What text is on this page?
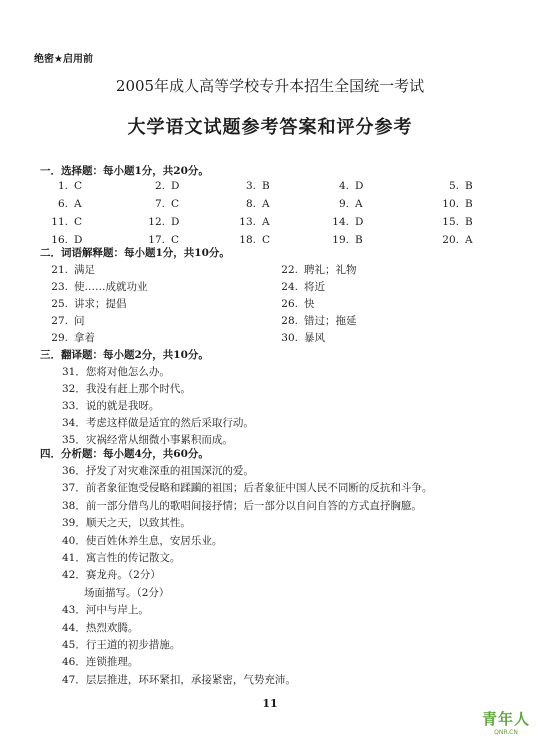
绝密★启用前
2005年成人高等学校专升本招生全国统一考试
大学语文试题参考答案和评分参考
一．选择题：每小题1分，共20分。
1. C	2. D	3. B	4. D	5. B
6. A	7. C	8. A	9. A	10. B
11. C	12. D	13. A	14. D	15. B
16. D	17. C	18. C	19. B	20. A
二．词语解释题：每小题1分，共10分。
21. 满足	22. 聘礼；礼物
23. 使……成就功业	24. 将近
25. 讲求；提倡	26. 快
27. 问	28. 错过；拖延
29. 拿着	30. 暴风
三．翻译题：每小题2分，共10分。
31．您将对他怎么办。
32．我没有赶上那个时代。
33．说的就是我呀。
34．考虑这样做是适宜的然后采取行动。
35．灾祸经常从细微小事累积而成。
四．分析题：每小题4分，共60分。
36．抒发了对灾难深重的祖国深沉的爱。
37．前者象征饱受侵略和蹂躏的祖国；后者象征中国人民不同断的反抗和斗争。
38．前一部分借鸟儿的歌唱间接抒情；后一部分以自问自答的方式直抒胸臆。
39．顺天之天，以致其性。
40．使百姓休养生息，安居乐业。
41．寓言性的传记散文。
42．赛龙舟。（2分）
场面描写。（2分）
43．河中与岸上。
44．热烈欢腾。
45．行王道的初步措施。
46．连锁推理。
47．层层推进，环环紧扣，承接紧密，气势充沛。
11
青年人
QNR.CN
